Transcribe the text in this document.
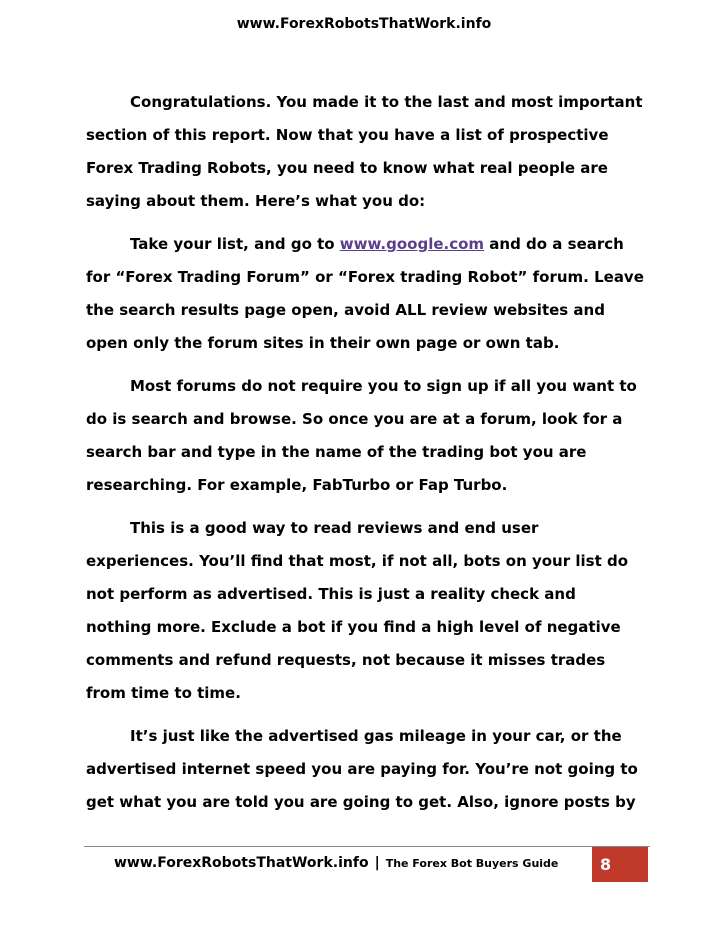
www.ForexRobotsThatWork.info

Congratulations. You made it to the last and most important
section of this report. Now that you have a list of prospective
Forex Trading Robots, you need to know what real people are
saying about them. Here’s what you do:

Take your list, and go to www.google.com and do a search
for “Forex Trading Forum” or “Forex trading Robot” forum. Leave
the search results page open, avoid ALL review websites and
open only the forum sites in their own page or own tab.

Most forums do not require you to sign up if all you want to
do is search and browse. So once you are at a forum, look for a
search bar and type in the name of the trading bot you are
researching. For example, FabTurbo or Fap Turbo.

This is a good way to read reviews and end user
experiences. You’ll find that most, if not all, bots on your list do
not perform as advertised. This is just a reality check and
nothing more. Exclude a bot if you find a high level of negative
comments and refund requests, not because it misses trades
from time to time.

It’s just like the advertised gas mileage in your car, or the
advertised internet speed you are paying for. You’re not going to
get what you are told you are going to get. Also, ignore posts by

www.ForexRobotsThatWork.info | The Forex Bot Buyers Guide	8
